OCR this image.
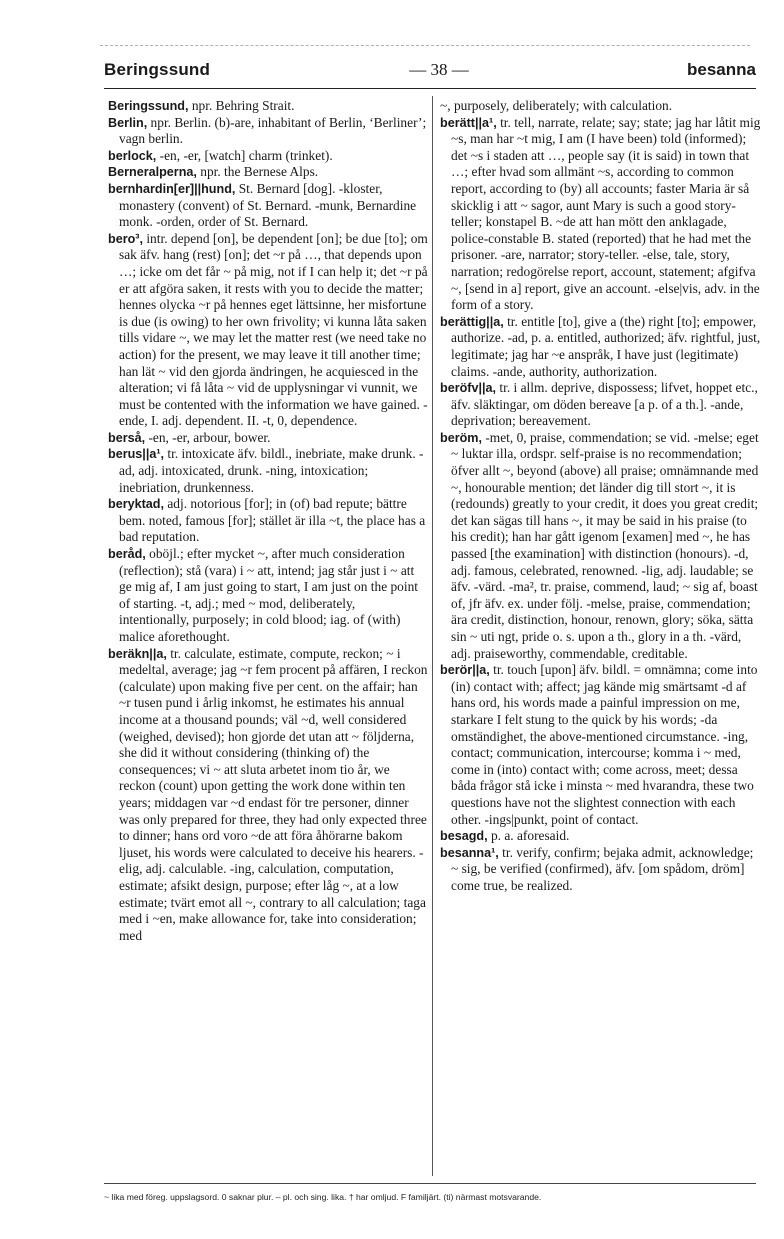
Beringssund	— 38 —	besanna

Beringssund, npr. Behring Strait.

Berlin, npr. Berlin. (b)-are, inhabitant of Berlin, ‘Berliner’; vagn berlin.

berlock, -en, -er, [watch] charm (trinket).

Berneralperna, npr. the Bernese Alps.

bernhardin[er]||hund, St. Bernard [dog]. -kloster, monastery (convent) of St. Bernard. -munk, Bernardine monk. -orden, order of St. Bernard.

bero³, intr. depend [on], be dependent [on]; be due [to]; om sak äfv. hang (rest) [on]; det ~r på …, that depends upon …; icke om det får ~ på mig, not if I can help it; det ~r på er att afgöra saken, it rests with you to decide the matter; hennes olycka ~r på hennes eget lättsinne, her misfortune is due (is owing) to her own frivolity; vi kunna låta saken tills vidare ~, we may let the matter rest (we need take no action) for the present, we may leave it till another time; han lät ~ vid den gjorda ändringen, he acquiesced in the alteration; vi få låta ~ vid de upplysningar vi vunnit, we must be contented with the information we have gained. -ende, I. adj. dependent. II. -t, 0, dependence.

berså, -en, -er, arbour, bower.

berus||a¹, tr. intoxicate äfv. bildl., inebriate, make drunk. -ad, adj. intoxicated, drunk. -ning, intoxication; inebriation, drunkenness.

beryktad, adj. notorious [for]; in (of) bad repute; bättre bem. noted, famous [for]; stället är illa ~t, the place has a bad reputation.

beråd, oböjl.; efter mycket ~, after much consideration (reflection); stå (vara) i ~ att, intend; jag står just i ~ att ge mig af, I am just going to start, I am just on the point of starting. -t, adj.; med ~ mod, deliberately, intentionally, purposely; in cold blood; iag. of (with) malice aforethought.

beräkn||a, tr. calculate, estimate, compute, reckon; ~ i medeltal, average; jag ~r fem procent på affären, I reckon (calculate) upon making five per cent. on the affair; han ~r tusen pund i årlig inkomst, he estimates his annual income at a thousand pounds; väl ~d, well considered (weighed, devised); hon gjorde det utan att ~ följderna, she did it without considering (thinking of) the consequences; vi ~ att sluta arbetet inom tio år, we reckon (count) upon getting the work done within ten years; middagen var ~d endast för tre personer, dinner was only prepared for three, they had only expected three to dinner; hans ord voro ~de att föra åhörarne bakom ljuset, his words were calculated to deceive his hearers. -elig, adj. calculable. -ing, calculation, computation, estimate; afsikt design, purpose; efter låg ~, at a low estimate; tvärt emot all ~, contrary to all calculation; taga med i ~en, make allowance for, take into consideration; med

~, purposely, deliberately; with calculation.

berätt||a¹, tr. tell, narrate, relate; say; state; jag har låtit mig ~s, man har ~t mig, I am (I have been) told (informed); det ~s i staden att …, people say (it is said) in town that …; efter hvad som allmänt ~s, according to common report, according to (by) all accounts; faster Maria är så skicklig i att ~ sagor, aunt Mary is such a good story-teller; konstapel B. ~de att han mött den anklagade, police-constable B. stated (reported) that he had met the prisoner. -are, narrator; story-teller. -else, tale, story, narration; redogörelse report, account, statement; afgifva ~, [send in a] report, give an account. -else|vis, adv. in the form of a story.

berättig||a, tr. entitle [to], give a (the) right [to]; empower, authorize. -ad, p. a. entitled, authorized; äfv. rightful, just, legitimate; jag har ~e anspråk, I have just (legitimate) claims. -ande, authority, authorization.

beröfv||a, tr. i allm. deprive, dispossess; lifvet, hoppet etc., äfv. släktingar, om döden bereave [a p. of a th.]. -ande, deprivation; bereavement.

beröm, -met, 0, praise, commendation; se vid. -melse; eget ~ luktar illa, ordspr. self-praise is no recommendation; öfver allt ~, beyond (above) all praise; omnämnande med ~, honourable mention; det länder dig till stort ~, it is (redounds) greatly to your credit, it does you great credit; det kan sägas till hans ~, it may be said in his praise (to his credit); han har gått igenom [examen] med ~, he has passed [the examination] with distinction (honours). -d, adj. famous, celebrated, renowned. -lig, adj. laudable; se äfv. -värd. -ma², tr. praise, commend, laud; ~ sig af, boast of, jfr äfv. ex. under följ. -melse, praise, commendation; ära credit, distinction, honour, renown, glory; söka, sätta sin ~ uti ngt, pride o. s. upon a th., glory in a th. -värd, adj. praiseworthy, commendable, creditable.

berör||a, tr. touch [upon] äfv. bildl. = omnämna; come into (in) contact with; affect; jag kände mig smärtsamt -d af hans ord, his words made a painful impression on me, starkare I felt stung to the quick by his words; -da omständighet, the above-mentioned circumstance. -ing, contact; communication, intercourse; komma i ~ med, come in (into) contact with; come across, meet; dessa båda frågor stå icke i minsta ~ med hvarandra, these two questions have not the slightest connection with each other. -ings|punkt, point of contact.

besagd, p. a. aforesaid.

besanna¹, tr. verify, confirm; bejaka admit, acknowledge; ~ sig, be verified (confirmed), äfv. [om spådom, dröm] come true, be realized.

~ lika med föreg. uppslagsord. 0 saknar plur. – pl. och sing. lika. † har omljud. F familjärt. (ti) närmast motsvarande.
